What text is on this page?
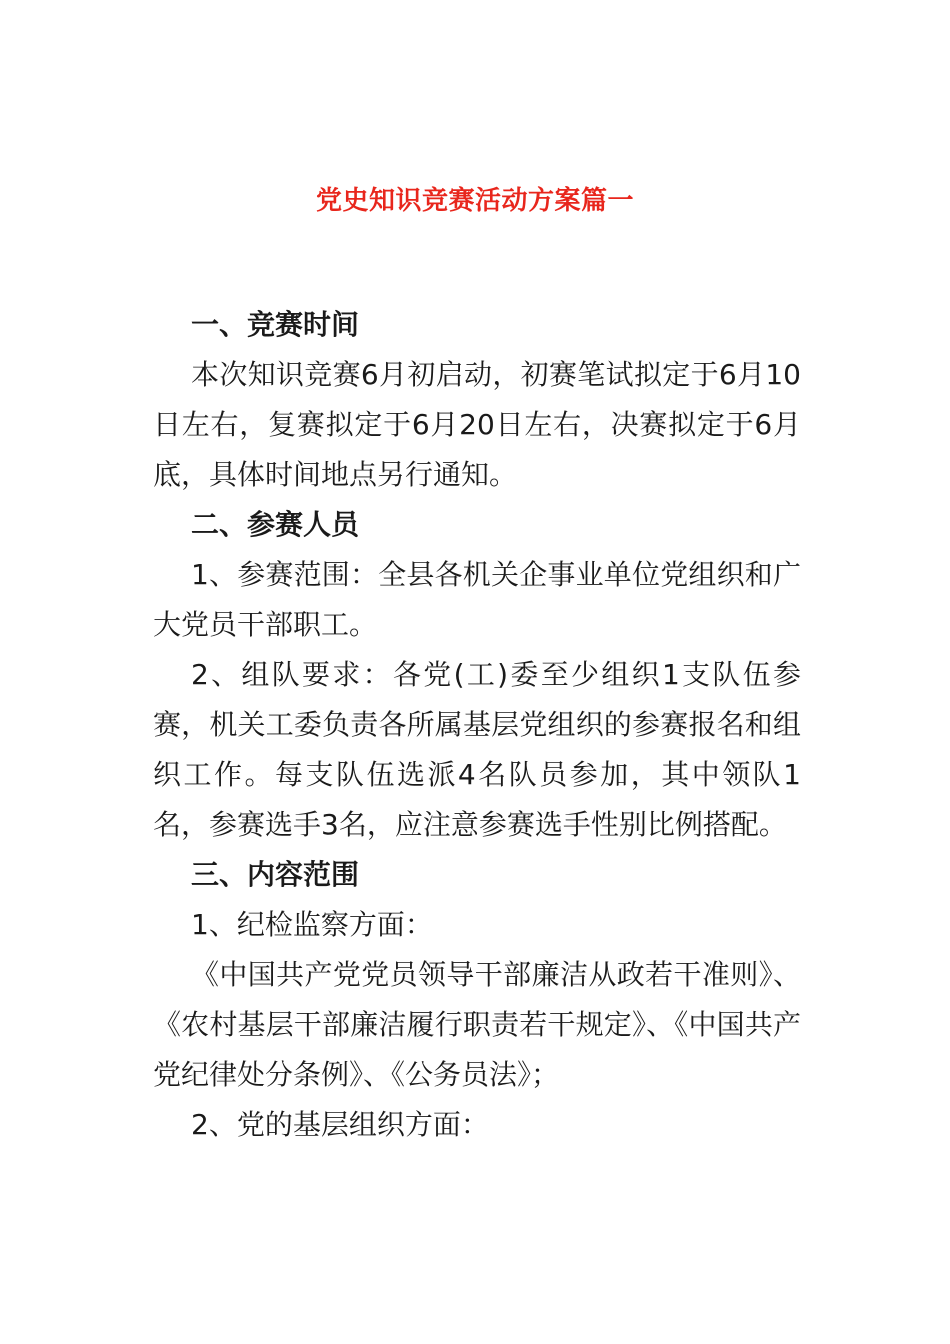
党史知识竞赛活动方案篇一
一、竞赛时间

本次知识竞赛6月初启动，初赛笔试拟定于6月10日左右，复赛拟定于6月20日左右，决赛拟定于6月底，具体时间地点另行通知。

二、参赛人员

1、参赛范围：全县各机关企事业单位党组织和广大党员干部职工。

2、组队要求：各党(工)委至少组织1支队伍参赛，机关工委负责各所属基层党组织的参赛报名和组织工作。每支队伍选派4名队员参加，其中领队1名，参赛选手3名，应注意参赛选手性别比例搭配。

三、内容范围

1、纪检监察方面：

《中国共产党党员领导干部廉洁从政若干准则》、《农村基层干部廉洁履行职责若干规定》、《中国共产党纪律处分条例》、《公务员法》；

2、党的基层组织方面：
